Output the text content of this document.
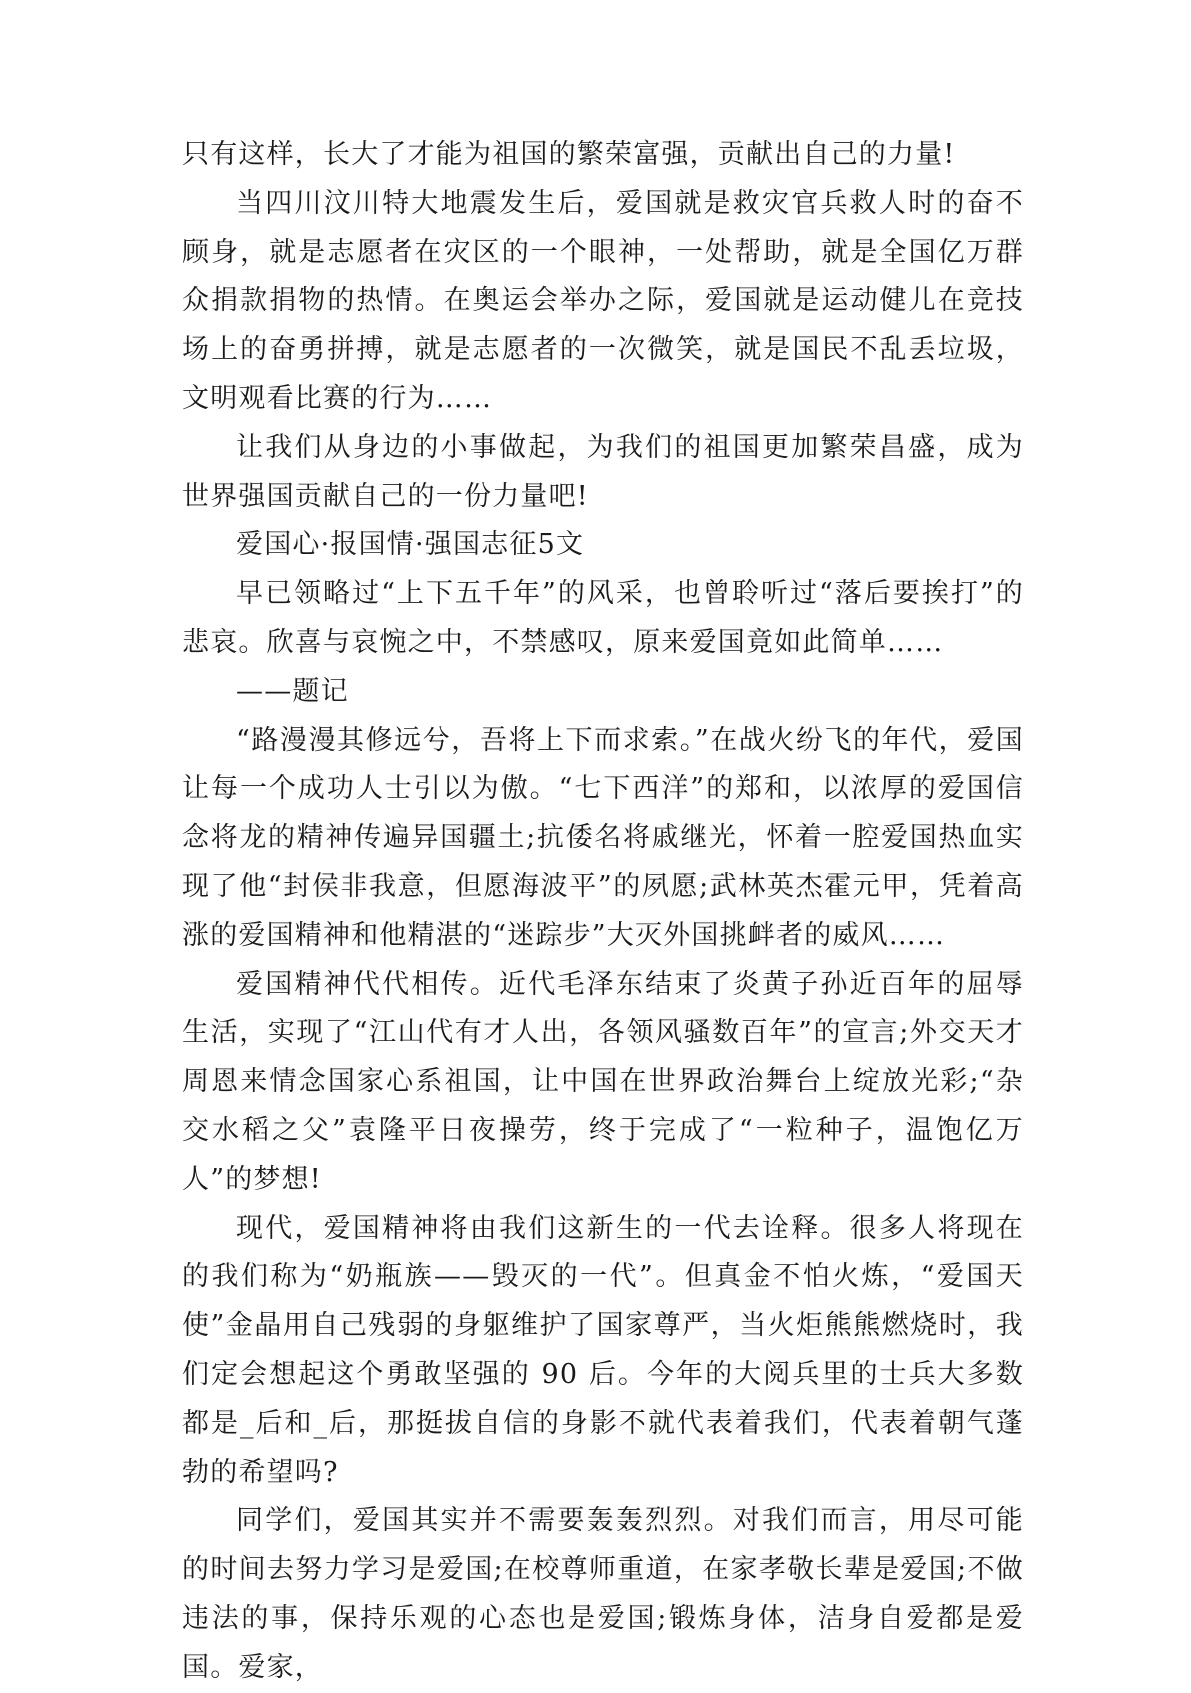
只有这样，长大了才能为祖国的繁荣富强，贡献出自己的力量!

当四川汶川特大地震发生后，爱国就是救灾官兵救人时的奋不顾身，就是志愿者在灾区的一个眼神，一处帮助，就是全国亿万群众捐款捐物的热情。在奥运会举办之际，爱国就是运动健儿在竞技场上的奋勇拼搏，就是志愿者的一次微笑，就是国民不乱丢垃圾，文明观看比赛的行为……

让我们从身边的小事做起，为我们的祖国更加繁荣昌盛，成为世界强国贡献自己的一份力量吧!

爱国心·报国情·强国志征5文

早已领略过“上下五千年”的风采，也曾聆听过“落后要挨打”的悲哀。欣喜与哀惋之中，不禁感叹，原来爱国竟如此简单……

——题记

“路漫漫其修远兮，吾将上下而求索。”在战火纷飞的年代，爱国让每一个成功人士引以为傲。“七下西洋”的郑和，以浓厚的爱国信念将龙的精神传遍异国疆土;抗倭名将戚继光，怀着一腔爱国热血实现了他“封侯非我意，但愿海波平”的夙愿;武林英杰霍元甲，凭着高涨的爱国精神和他精湛的“迷踪步”大灭外国挑衅者的威风……

爱国精神代代相传。近代毛泽东结束了炎黄子孙近百年的屈辱生活，实现了“江山代有才人出，各领风骚数百年”的宣言;外交天才周恩来情念国家心系祖国，让中国在世界政治舞台上绽放光彩;“杂交水稻之父”袁隆平日夜操劳，终于完成了“一粒种子，温饱亿万人”的梦想!

现代，爱国精神将由我们这新生的一代去诠释。很多人将现在的我们称为“奶瓶族——毁灭的一代”。但真金不怕火炼，“爱国天使”金晶用自己残弱的身躯维护了国家尊严，当火炬熊熊燃烧时，我们定会想起这个勇敢坚强的 90 后。今年的大阅兵里的士兵大多数都是_后和_后，那挺拔自信的身影不就代表着我们，代表着朝气蓬勃的希望吗?

同学们，爱国其实并不需要轰轰烈烈。对我们而言，用尽可能的时间去努力学习是爱国;在校尊师重道，在家孝敬长辈是爱国;不做违法的事，保持乐观的心态也是爱国;锻炼身体，洁身自爱都是爱国。爱家，
